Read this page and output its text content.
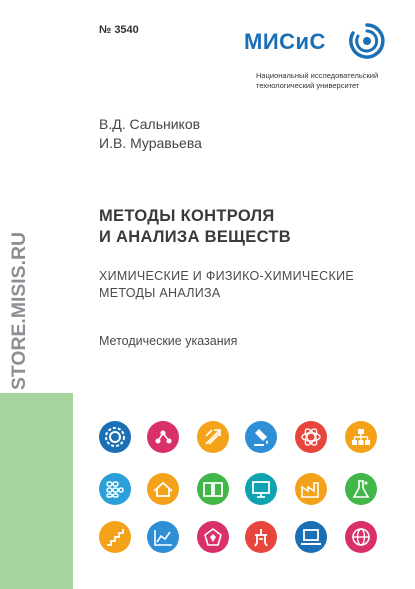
№ 3540	МИСиС
Национальный исследовательский
технологический университет
В.Д. Сальников
И.В. Муравьева
МЕТОДЫ КОНТРОЛЯ
И АНАЛИЗА ВЕЩЕСТВ
ХИМИЧЕСКИЕ И ФИЗИКО-ХИМИЧЕСКИЕ
МЕТОДЫ АНАЛИЗА
Методические указания
STORE.MISIS.RU
